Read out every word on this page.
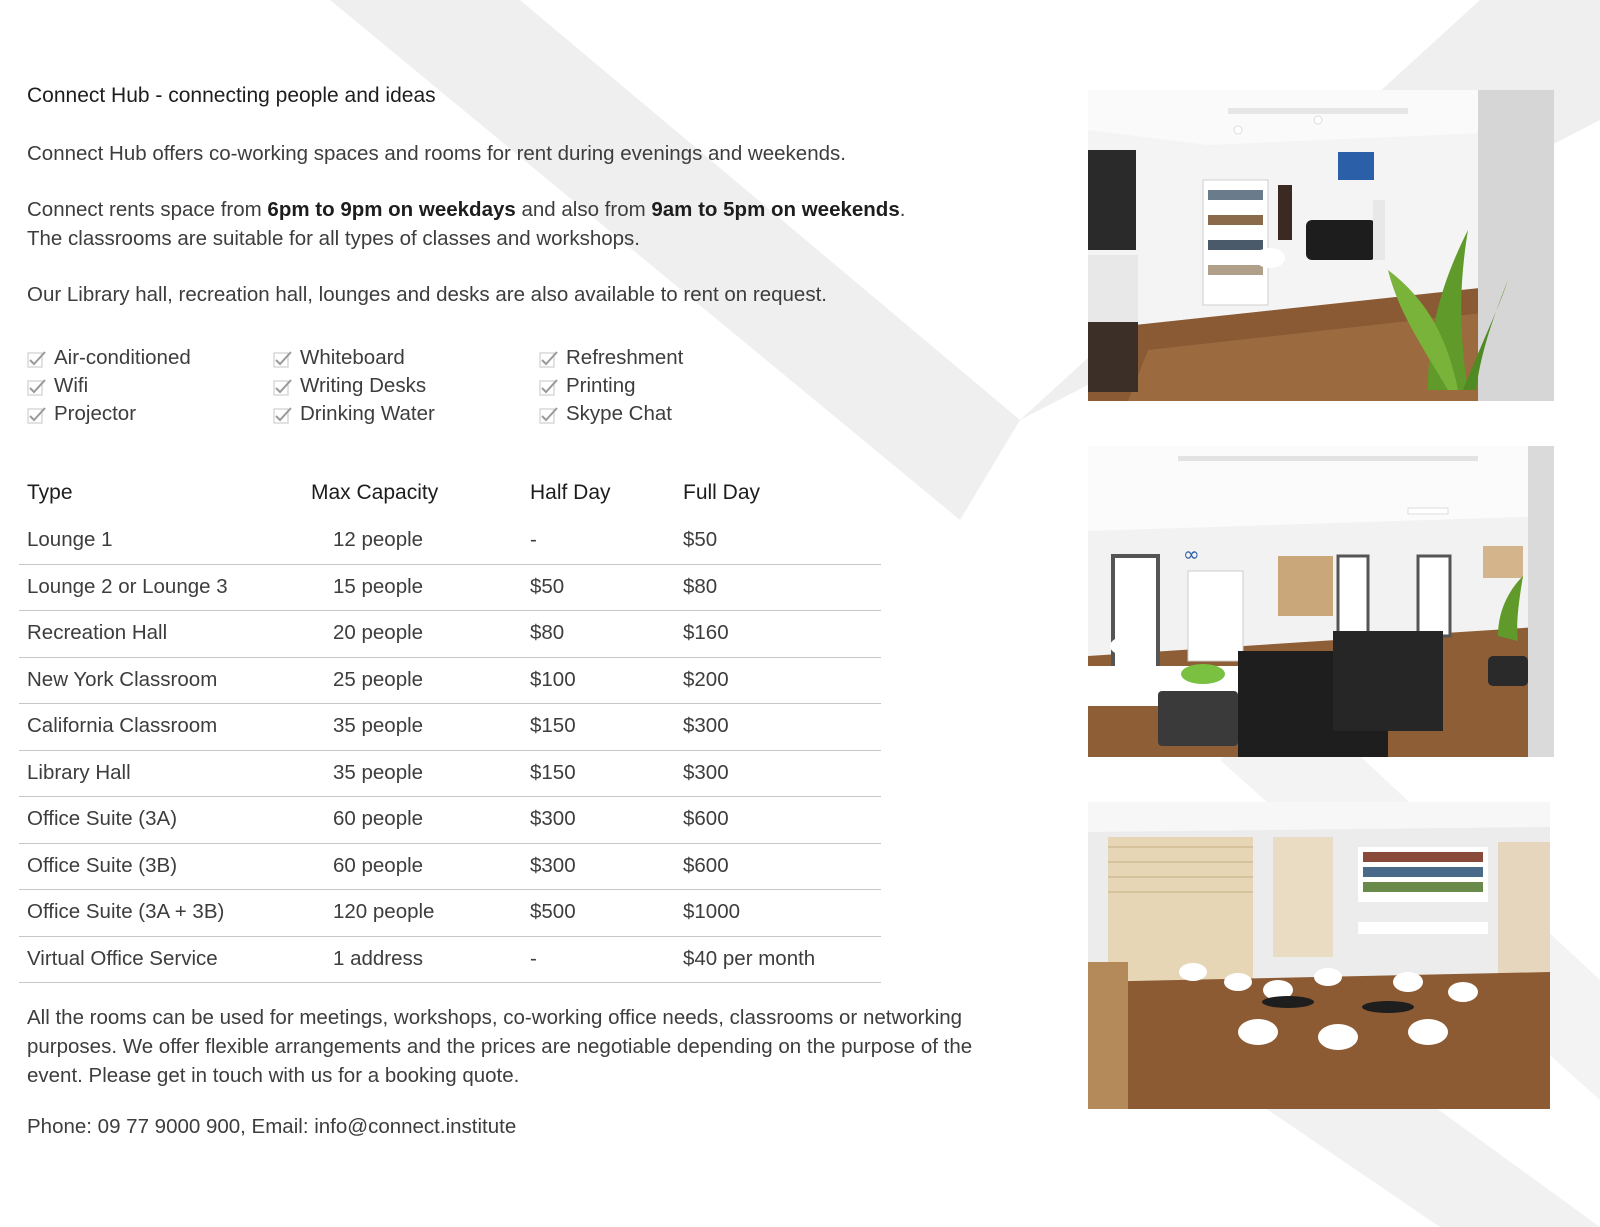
Connect Hub - connecting people and ideas
Connect Hub offers co-working spaces and rooms for rent during evenings and weekends.
Connect rents space from 6pm to 9pm on weekdays and also from 9am to 5pm on weekends.
The classrooms are suitable for all types of classes and workshops.
Our Library hall, recreation hall, lounges and desks are also available to rent on request.
Air-conditioned
Wifi
Projector
Whiteboard
Writing Desks
Drinking Water
Refreshment
Printing
Skype Chat
Type	Max Capacity	Half Day	Full Day
Lounge 1	12 people	-	$50
Lounge 2 or Lounge 3	15 people	$50	$80
Recreation Hall	20 people	$80	$160
New York Classroom	25 people	$100	$200
California Classroom	35 people	$150	$300
Library Hall	35 people	$150	$300
Office Suite (3A)	60 people	$300	$600
Office Suite (3B)	60 people	$300	$600
Office Suite (3A + 3B)	120 people	$500	$1000
Virtual Office Service	1 address	-	$40 per month
All the rooms can be used for meetings, workshops, co-working office needs, classrooms or networking
purposes. We offer flexible arrangements and the prices are negotiable depending on the purpose of the
event. Please get in touch with us for a booking quote.
Phone: 09 77 9000 900, Email: info@connect.institute
∞
